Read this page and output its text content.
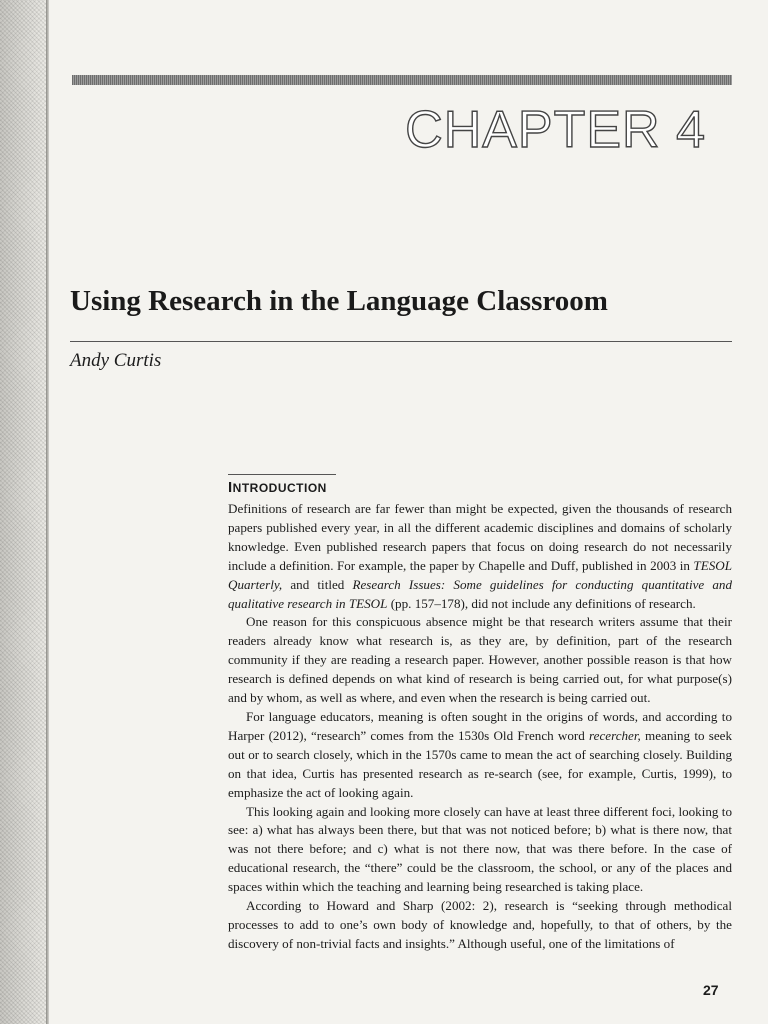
CHAPTER 4
Using Research in the Language Classroom
Andy Curtis
INTRODUCTION

Definitions of research are far fewer than might be expected, given the thousands of research papers published every year, in all the different academic disciplines and domains of scholarly knowledge. Even published research papers that focus on doing research do not necessarily include a definition. For example, the paper by Chapelle and Duff, published in 2003 in TESOL Quarterly, and titled Research Issues: Some guidelines for conducting quantitative and qualitative research in TESOL (pp. 157–178), did not include any definitions of research.

One reason for this conspicuous absence might be that research writers assume that their readers already know what research is, as they are, by definition, part of the research community if they are reading a research paper. However, another possible reason is that how research is defined depends on what kind of research is being carried out, for what purpose(s) and by whom, as well as where, and even when the research is being carried out.

For language educators, meaning is often sought in the origins of words, and according to Harper (2012), “research” comes from the 1530s Old French word recercher, meaning to seek out or to search closely, which in the 1570s came to mean the act of searching closely. Building on that idea, Curtis has presented research as re-search (see, for example, Curtis, 1999), to emphasize the act of looking again.

This looking again and looking more closely can have at least three different foci, looking to see: a) what has always been there, but that was not noticed before; b) what is there now, that was not there before; and c) what is not there now, that was there before. In the case of educational research, the “there” could be the classroom, the school, or any of the places and spaces within which the teaching and learning being researched is taking place.

According to Howard and Sharp (2002: 2), research is “seeking through methodical processes to add to one’s own body of knowledge and, hopefully, to that of others, by the discovery of non-trivial facts and insights.” Although useful, one of the limitations of

27
